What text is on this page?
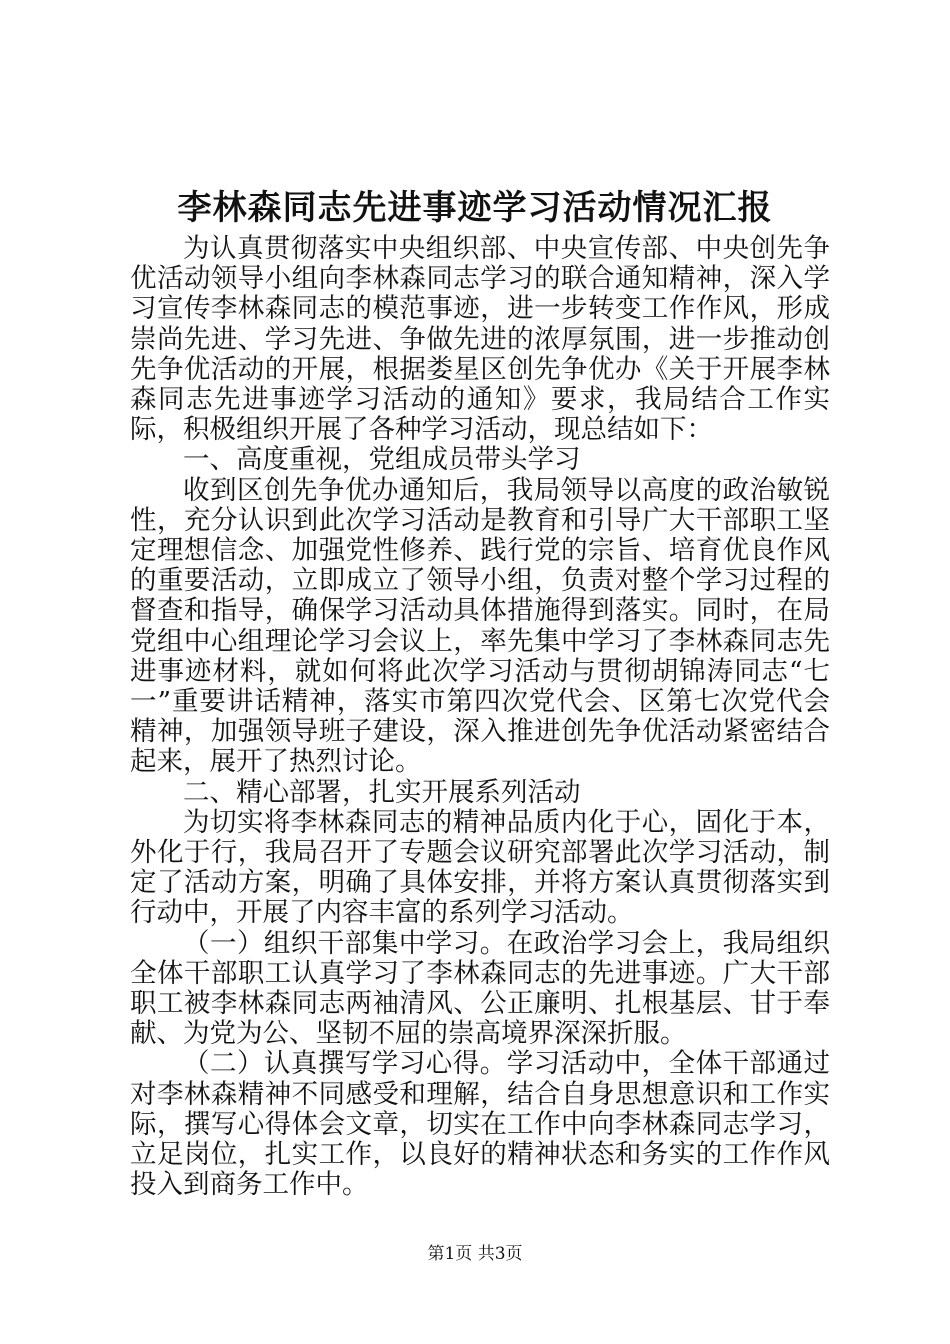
李林森同志先进事迹学习活动情况汇报

为认真贯彻落实中央组织部、中央宣传部、中央创先争优活动领导小组向李林森同志学习的联合通知精神，深入学习宣传李林森同志的模范事迹，进一步转变工作作风，形成崇尚先进、学习先进、争做先进的浓厚氛围，进一步推动创先争优活动的开展，根据娄星区创先争优办《关于开展李林森同志先进事迹学习活动的通知》要求，我局结合工作实际，积极组织开展了各种学习活动，现总结如下：

一、高度重视，党组成员带头学习

收到区创先争优办通知后，我局领导以高度的政治敏锐性，充分认识到此次学习活动是教育和引导广大干部职工坚定理想信念、加强党性修养、践行党的宗旨、培育优良作风的重要活动，立即成立了领导小组，负责对整个学习过程的督查和指导，确保学习活动具体措施得到落实。同时，在局党组中心组理论学习会议上，率先集中学习了李林森同志先进事迹材料，就如何将此次学习活动与贯彻胡锦涛同志“七一”重要讲话精神，落实市第四次党代会、区第七次党代会精神，加强领导班子建设，深入推进创先争优活动紧密结合起来，展开了热烈讨论。

二、精心部署，扎实开展系列活动

为切实将李林森同志的精神品质内化于心，固化于本，外化于行，我局召开了专题会议研究部署此次学习活动，制定了活动方案，明确了具体安排，并将方案认真贯彻落实到行动中，开展了内容丰富的系列学习活动。

（一）组织干部集中学习。在政治学习会上，我局组织全体干部职工认真学习了李林森同志的先进事迹。广大干部职工被李林森同志两袖清风、公正廉明、扎根基层、甘于奉献、为党为公、坚韧不屈的崇高境界深深折服。

（二）认真撰写学习心得。学习活动中，全体干部通过对李林森精神不同感受和理解，结合自身思想意识和工作实际，撰写心得体会文章，切实在工作中向李林森同志学习，立足岗位，扎实工作，以良好的精神状态和务实的工作作风投入到商务工作中。

第1页 共3页
